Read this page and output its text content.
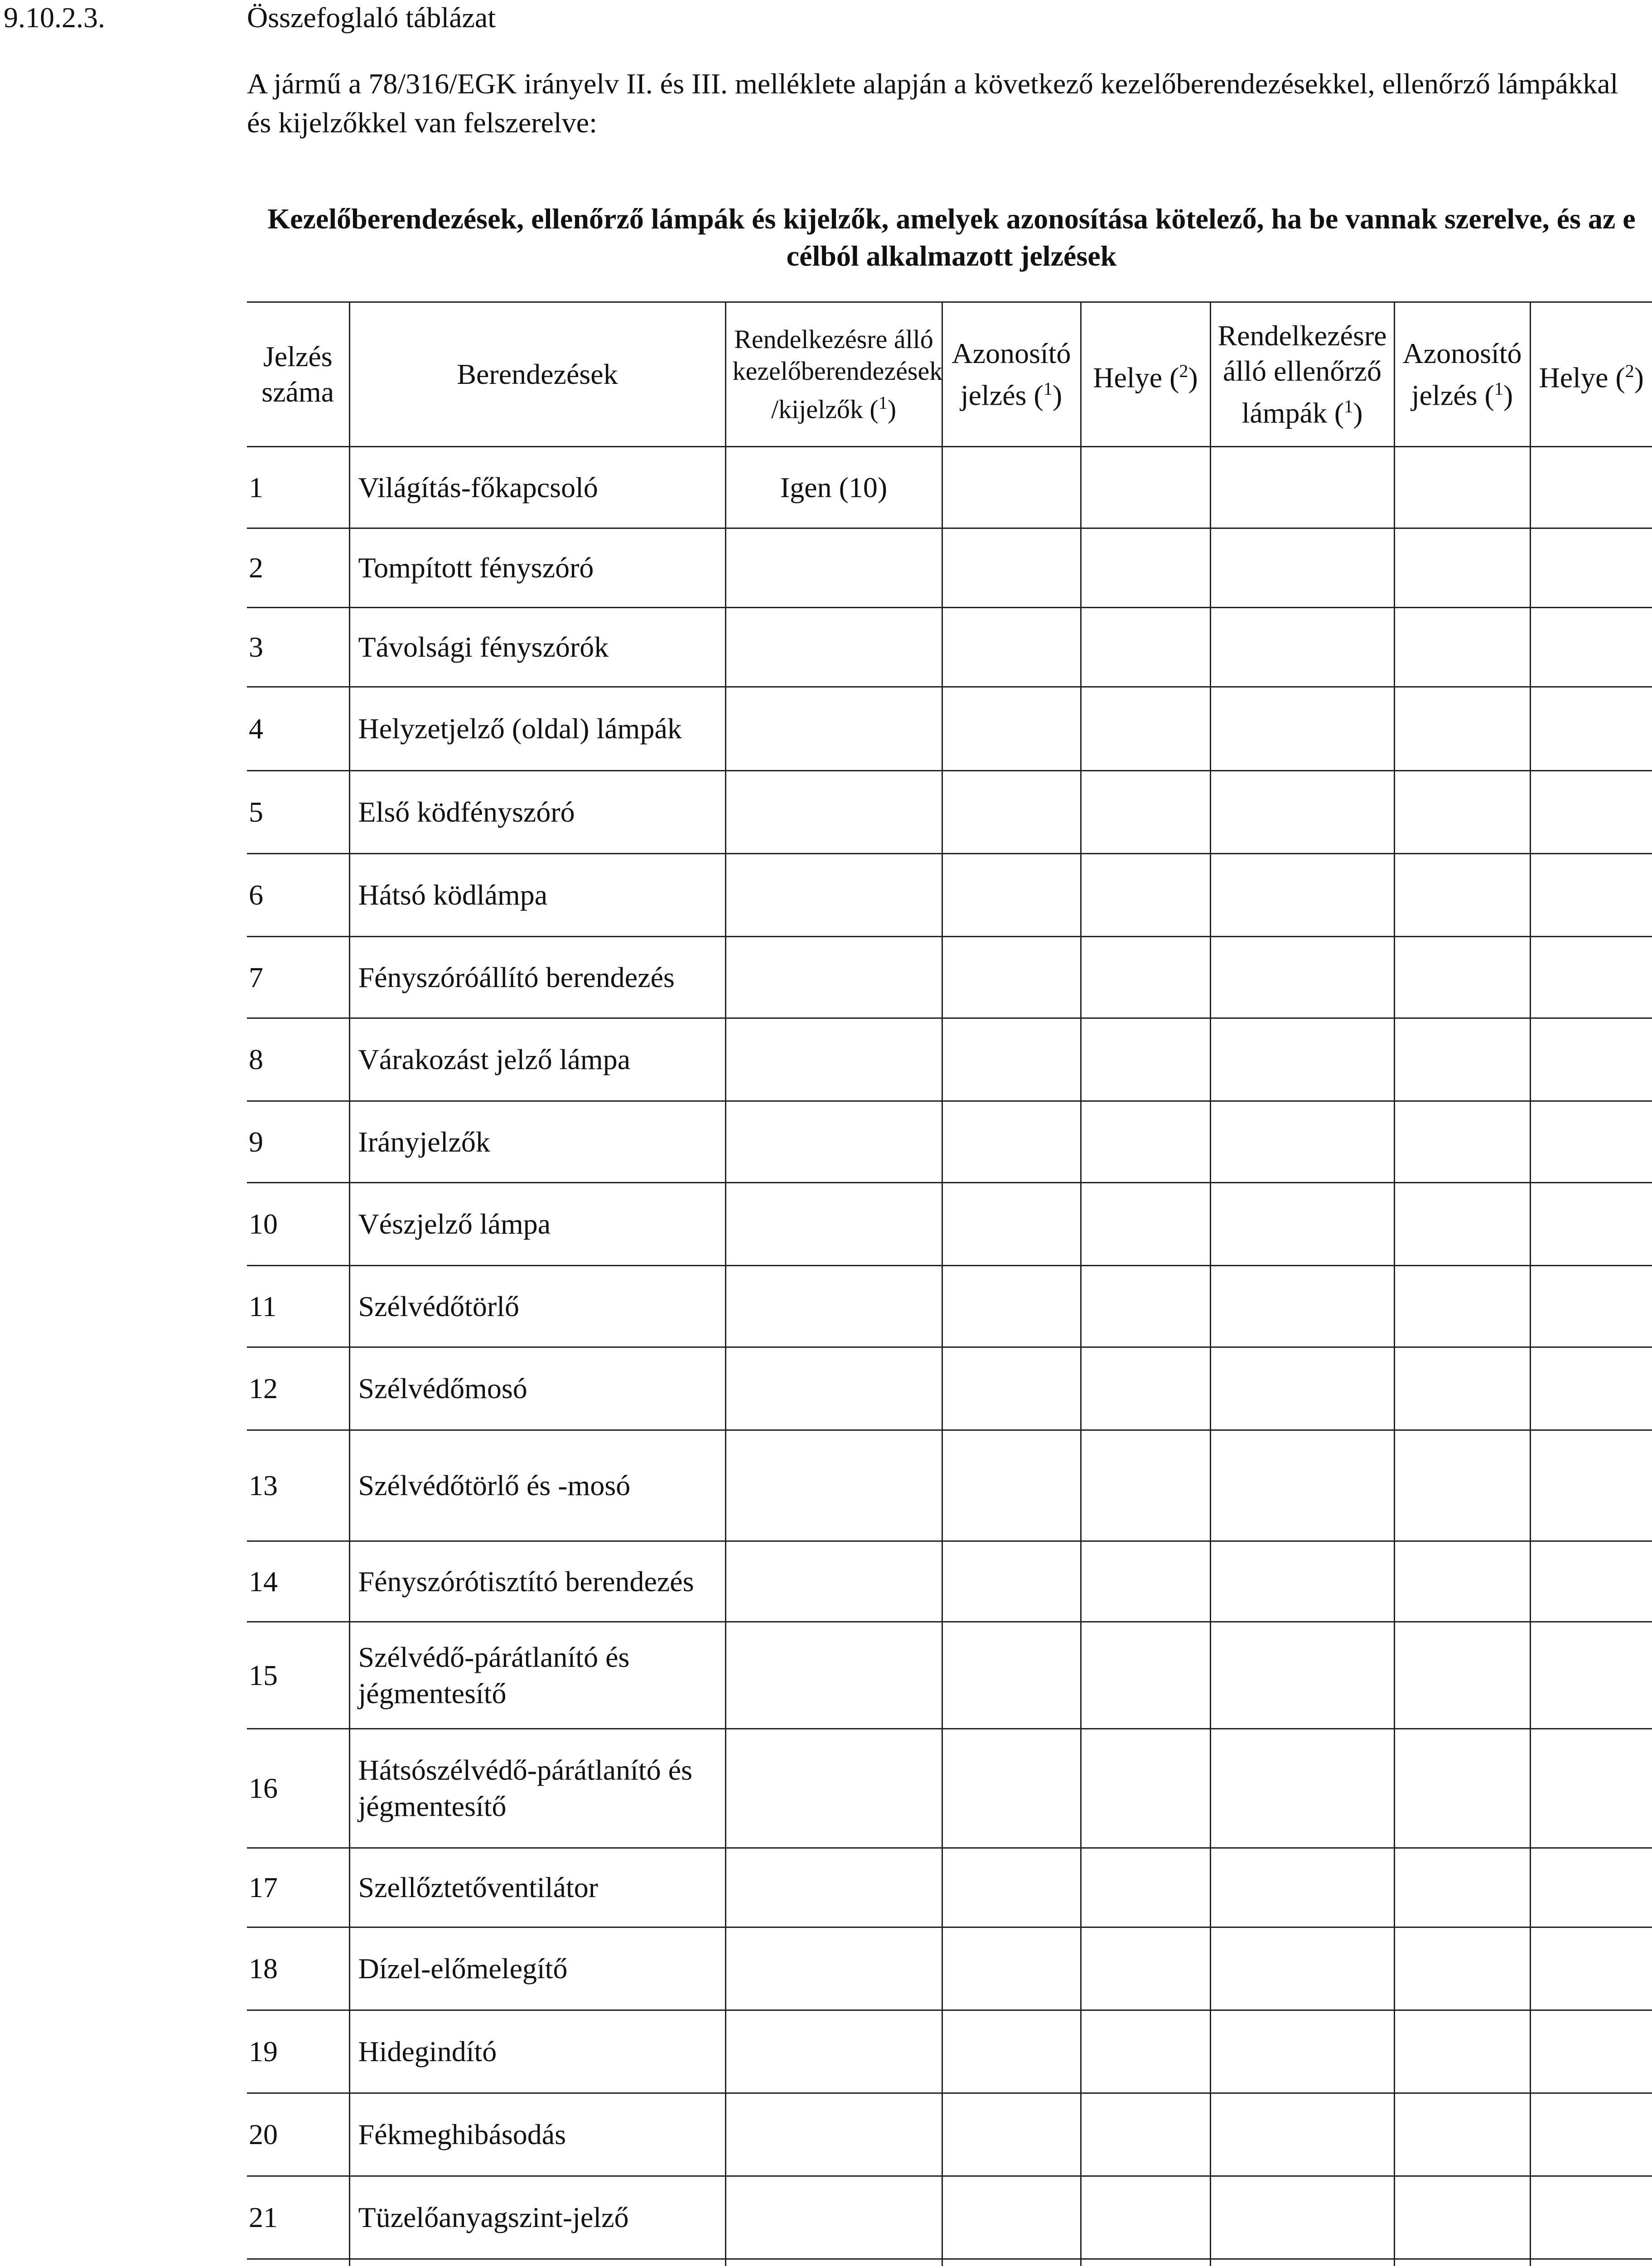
9.10.2.3.	Összefoglaló táblázat
A jármű a 78/316/EGK irányelv II. és III. melléklete alapján a következő kezelőberendezésekkel, ellenőrző lámpákkal és kijelzőkkel van felszerelve:
Kezelőberendezések, ellenőrző lámpák és kijelzők, amelyek azonosítása kötelező, ha be vannak szerelve, és az e célból alkalmazott jelzések
Jelzés száma	Berendezések	Rendelkezésre álló kezelőberendezések /kijelzők ($^1$)	Azonosító jelzés ($^1$)	Helye ($^2$)	Rendelkezésre álló ellenőrző lámpák ($^1$)	Azonosító jelzés ($^1$)	Helye ($^2$)
1	Világítás-főkapcsoló	Igen (10)					
2	Tompított fényszóró						
3	Távolsági fényszórók						
4	Helyzetjelző (oldal) lámpák						
5	Első ködfényszóró						
6	Hátsó ködlámpa						
7	Fényszóróállító berendezés						
8	Várakozást jelző lámpa						
9	Irányjelzők						
10	Vészjelző lámpa						
11	Szélvédőtörlő						
12	Szélvédőmosó						
13	Szélvédőtörlő és -mosó						
14	Fényszórótisztító berendezés						
15	Szélvédő-párátlanító és jégmentesítő						
16	Hátsószélvédő-párátlanító és jégmentesítő						
17	Szellőztetőventilátor						
18	Dízel-előmelegítő						
19	Hidegindító						
20	Fékmeghibásodás						
21	Tüzelőanyagszint-jelző						
